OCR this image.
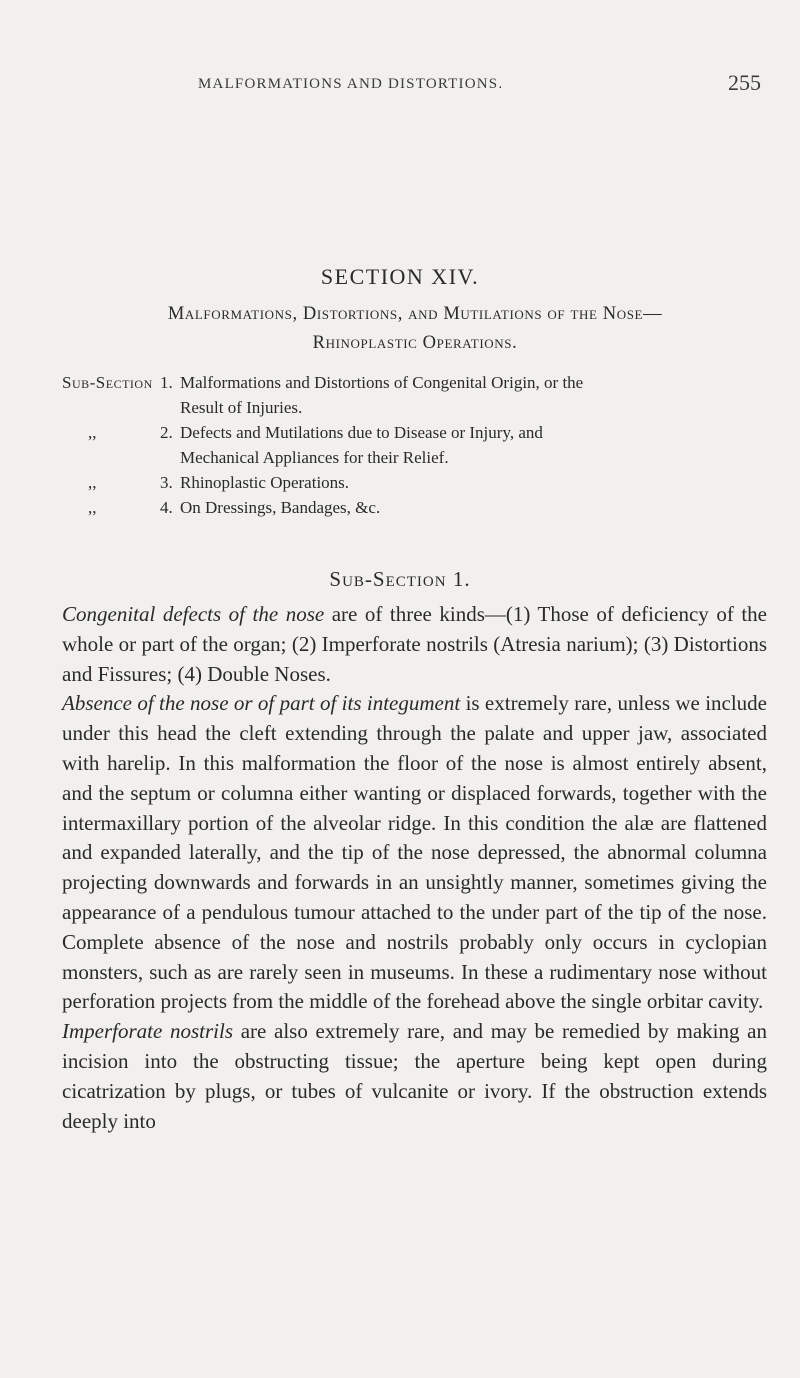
MALFORMATIONS AND DISTORTIONS.	255
SECTION XIV.
Malformations, Distortions, and Mutilations of the Nose—
Rhinoplastic Operations.
Sub-Section 1. Malformations and Distortions of Congenital Origin, or the
Result of Injuries.
,,	2. Defects and Mutilations due to Disease or Injury, and
Mechanical Appliances for their Relief.
,,	3. Rhinoplastic Operations.
,,	4. On Dressings, Bandages, &c.
Sub-Section 1.

Congenital defects of the nose are of three kinds—(1) Those of deficiency of the whole or part of the organ; (2) Imperforate nostrils (Atresia narium); (3) Distortions and Fissures; (4) Double Noses.

Absence of the nose or of part of its integument is extremely rare, unless we include under this head the cleft extending through the palate and upper jaw, associated with harelip. In this malformation the floor of the nose is almost entirely absent, and the septum or columna either wanting or displaced forwards, together with the intermaxillary portion of the alveolar ridge. In this condition the alæ are flattened and expanded laterally, and the tip of the nose depressed, the abnormal columna projecting downwards and forwards in an unsightly manner, sometimes giving the appearance of a pendulous tumour attached to the under part of the tip of the nose. Complete absence of the nose and nostrils probably only occurs in cyclopian monsters, such as are rarely seen in museums. In these a rudimentary nose without perforation projects from the middle of the forehead above the single orbitar cavity.

Imperforate nostrils are also extremely rare, and may be remedied by making an incision into the obstructing tissue; the aperture being kept open during cicatrization by plugs, or tubes of vulcanite or ivory. If the obstruction extends deeply into
